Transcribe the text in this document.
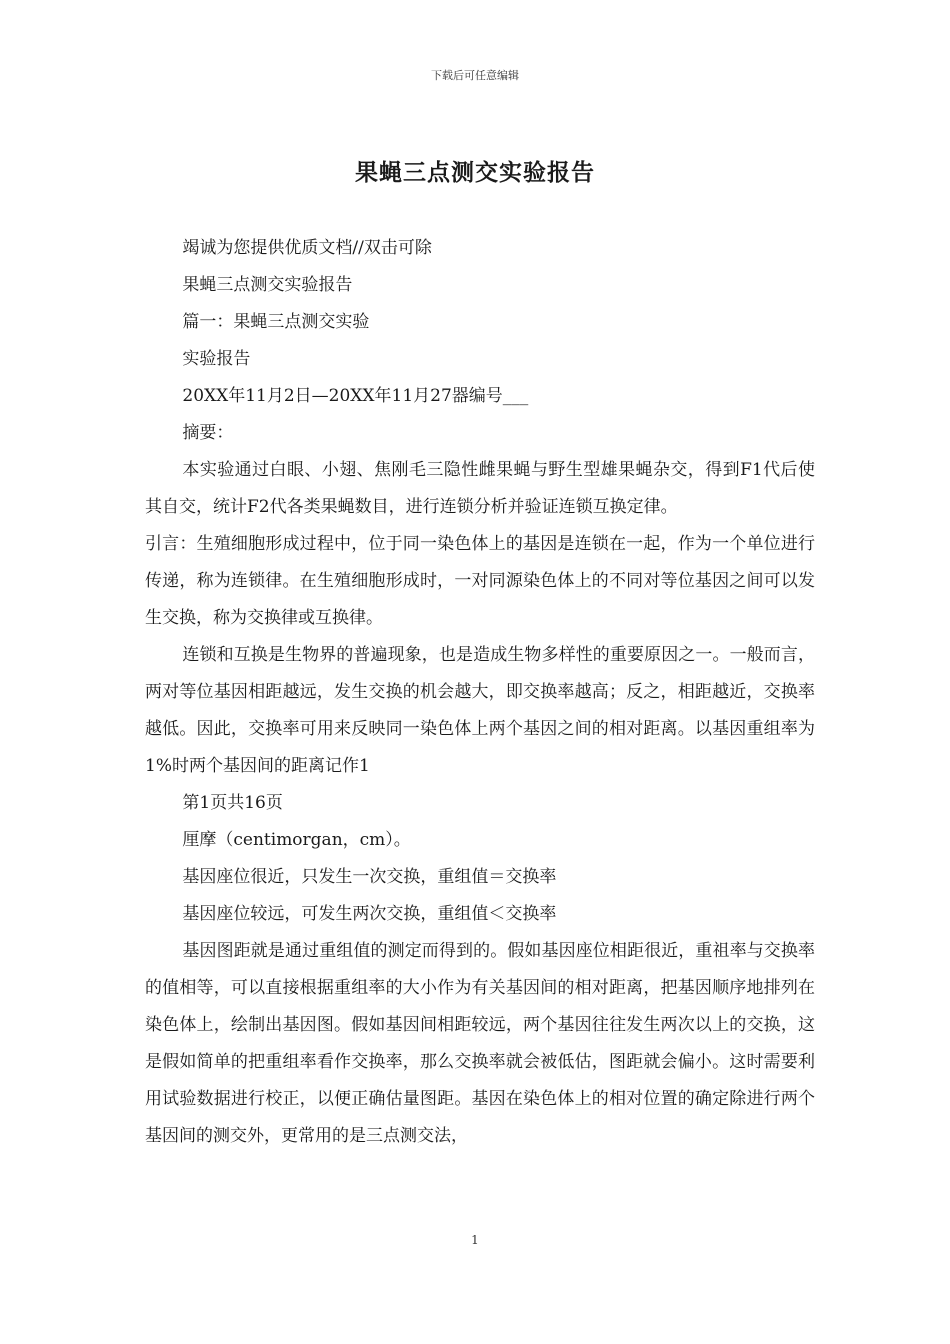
下载后可任意编辑
果蝇三点测交实验报告

竭诚为您提供优质文档//双击可除

果蝇三点测交实验报告

篇一：果蝇三点测交实验

实验报告

20XX年11月2日—20XX年11月27器编号___

摘要：

本实验通过白眼、小翅、焦刚毛三隐性雌果蝇与野生型雄果蝇杂交，得到F1代后使其自交，统计F2代各类果蝇数目，进行连锁分析并验证连锁互换定律。

引言：生殖细胞形成过程中，位于同一染色体上的基因是连锁在一起，作为一个单位进行传递，称为连锁律。在生殖细胞形成时，一对同源染色体上的不同对等位基因之间可以发生交换，称为交换律或互换律。

连锁和互换是生物界的普遍现象，也是造成生物多样性的重要原因之一。一般而言，两对等位基因相距越远，发生交换的机会越大，即交换率越高；反之，相距越近，交换率越低。因此，交换率可用来反映同一染色体上两个基因之间的相对距离。以基因重组率为1%时两个基因间的距离记作1

第1页共16页

厘摩（centimorgan，cm）。

基因座位很近，只发生一次交换，重组值＝交换率

基因座位较远，可发生两次交换，重组值＜交换率

基因图距就是通过重组值的测定而得到的。假如基因座位相距很近，重祖率与交换率的值相等，可以直接根据重组率的大小作为有关基因间的相对距离，把基因顺序地排列在染色体上，绘制出基因图。假如基因间相距较远，两个基因往往发生两次以上的交换，这是假如简单的把重组率看作交换率，那么交换率就会被低估，图距就会偏小。这时需要利用试验数据进行校正，以便正确估量图距。基因在染色体上的相对位置的确定除进行两个基因间的测交外，更常用的是三点测交法，

1
